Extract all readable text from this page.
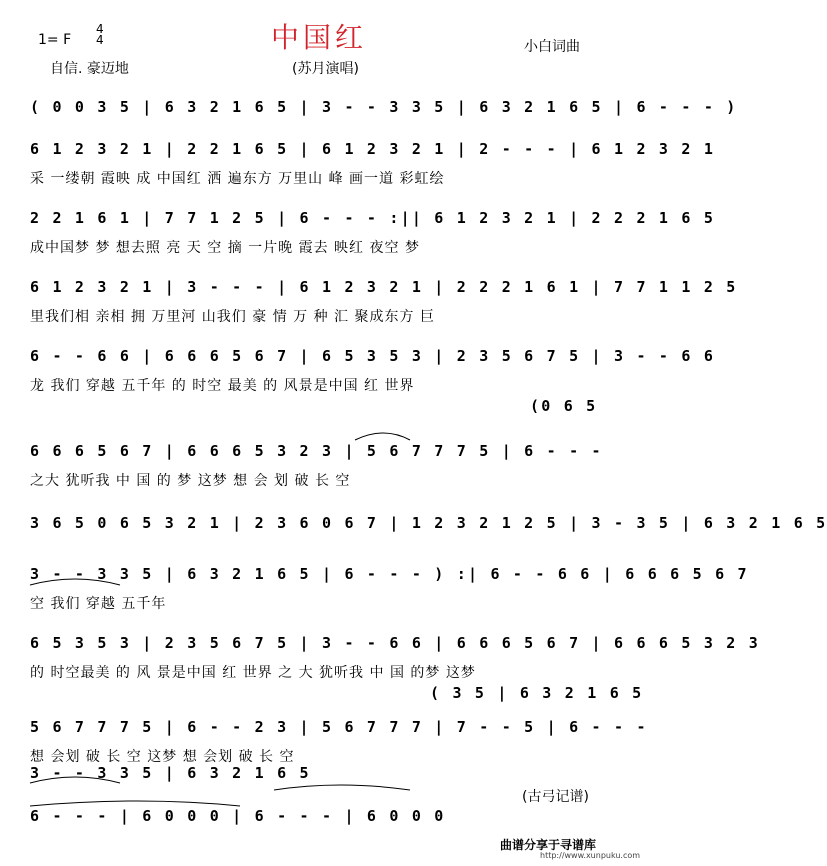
中国红
1= F
4
4
自信. 豪迈地
小白词曲
(苏月演唱)
( 0 0 3 5 | 6 3 2 1 6 5 | 3 - - 3 3 5 | 6 3 2 1 6 5 | 6 - - - )
6 1 2 3 2 1 | 2 2 1 6 5 | 6 1 2 3 2 1 | 2 - - - | 6 1 2 3 2 1
采 一缕朝 霞映 成 中国红 洒 遍东方 万里山 峰 画一道 彩虹绘
2 2 1 6 1 | 7 7 1 2 5 | 6 - - - :|| 6 1 2 3 2 1 | 2 2 2 1 6 5
成中国梦 梦 想去照 亮 天 空 摘 一片晚 霞去 映红 夜空 梦
6 1 2 3 2 1 | 3 - - - | 6 1 2 3 2 1 | 2 2 2 1 6 1 | 7 7 1 1 2 5
里我们相 亲相 拥 万里河 山我们 豪 情 万 种 汇 聚成东方 巨
6 - - 6 6 | 6 6 6 5 6 7 | 6 5 3 5 3 | 2 3 5 6 7 5 | 3 - - 6 6
龙 我们 穿越 五千年 的 时空 最美 的 风景是中国 红 世界
(0 6 5
6 6 6 5 6 7 | 6 6 6 5 3 2 3 | 5 6 7 7 7 5 | 6 - - -
之大 犹听我 中 国 的 梦 这梦 想 会 划 破 长 空
3 6 5 0 6 5 3 2 1 | 2 3 6 0 6 7 | 1 2 3 2 1 2 5 | 3 - 3 5 | 6 3 2 1 6 5
3 - - 3 3 5 | 6 3 2 1 6 5 | 6 - - - ) :| 6 - - 6 6 | 6 6 6 5 6 7
空 我们 穿越 五千年
6 5 3 5 3 | 2 3 5 6 7 5 | 3 - - 6 6 | 6 6 6 5 6 7 | 6 6 6 5 3 2 3
的 时空最美 的 风 景是中国 红 世界 之 大 犹听我 中 国 的梦 这梦
( 3 5 | 6 3 2 1 6 5
5 6 7 7 7 5 | 6 - - 2 3 | 5 6 7 7 7 | 7 - - 5 | 6 - - -
想 会划 破 长 空 这梦 想 会划 破 长 空
3 - - 3 3 5 | 6 3 2 1 6 5
6 - - - | 6 0 0 0 | 6 - - - | 6 0 0 0
(古弓记谱)
曲谱分享于寻谱库
http://www.xunpuku.com
